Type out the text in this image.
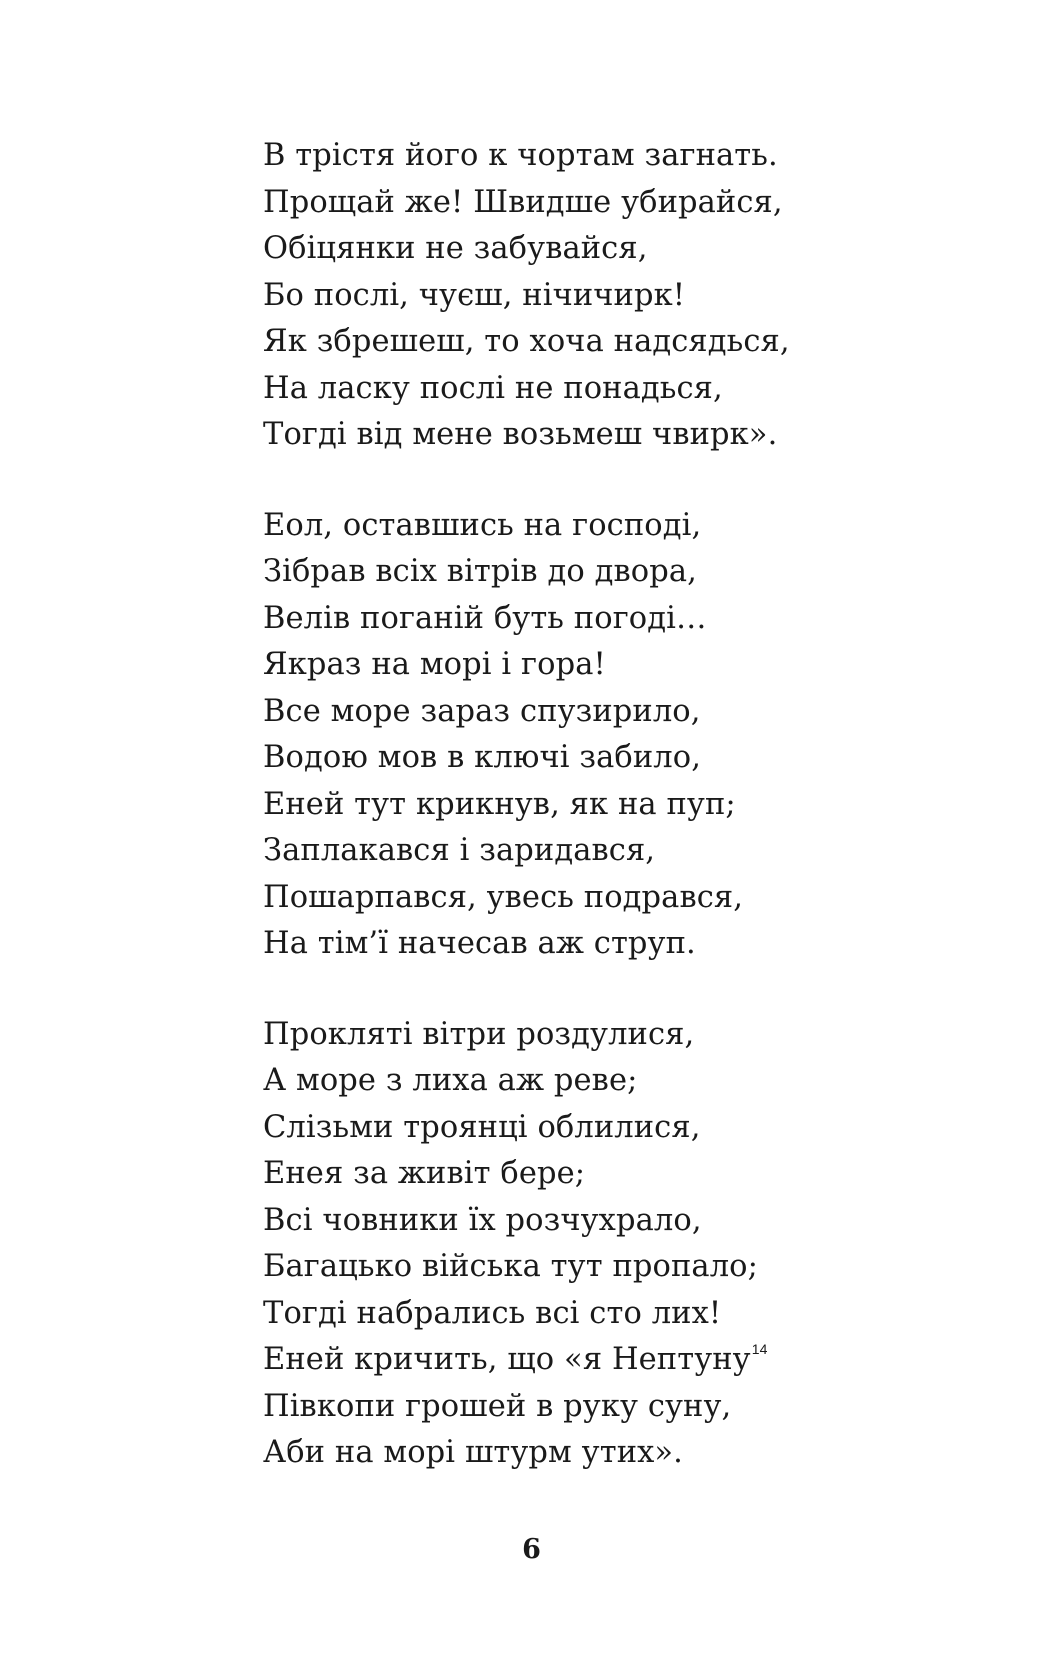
В трістя його к чортам загнать.
Прощай же! Швидше убирайся,
Обіцянки не забувайся,
Бо послі, чуєш, нічичирк!
Як збрешеш, то хоча надсядься,
На ласку послі не понадься,
Тогді від мене возьмеш чвирк».
Еол, оставшись на господі,
Зібрав всіх вітрів до двора,
Велів поганій буть погоді…
Якраз на морі і гора!
Все море зараз спузирило,
Водою мов в ключі забило,
Еней тут крикнув, як на пуп;
Заплакався і заридався,
Пошарпався, увесь подрався,
На тім’ї начесав аж струп.
Прокляті вітри роздулися,
А море з лиха аж реве;
Слізьми троянці облилися,
Енея за живіт бере;
Всі човники їх розчухрало,
Багацько війська тут пропало;
Тогді набрались всі сто лих!
Еней кричить, що «я Нептуну$^{14}$
Півкопи грошей в руку суну,
Аби на морі штурм утих».
6
